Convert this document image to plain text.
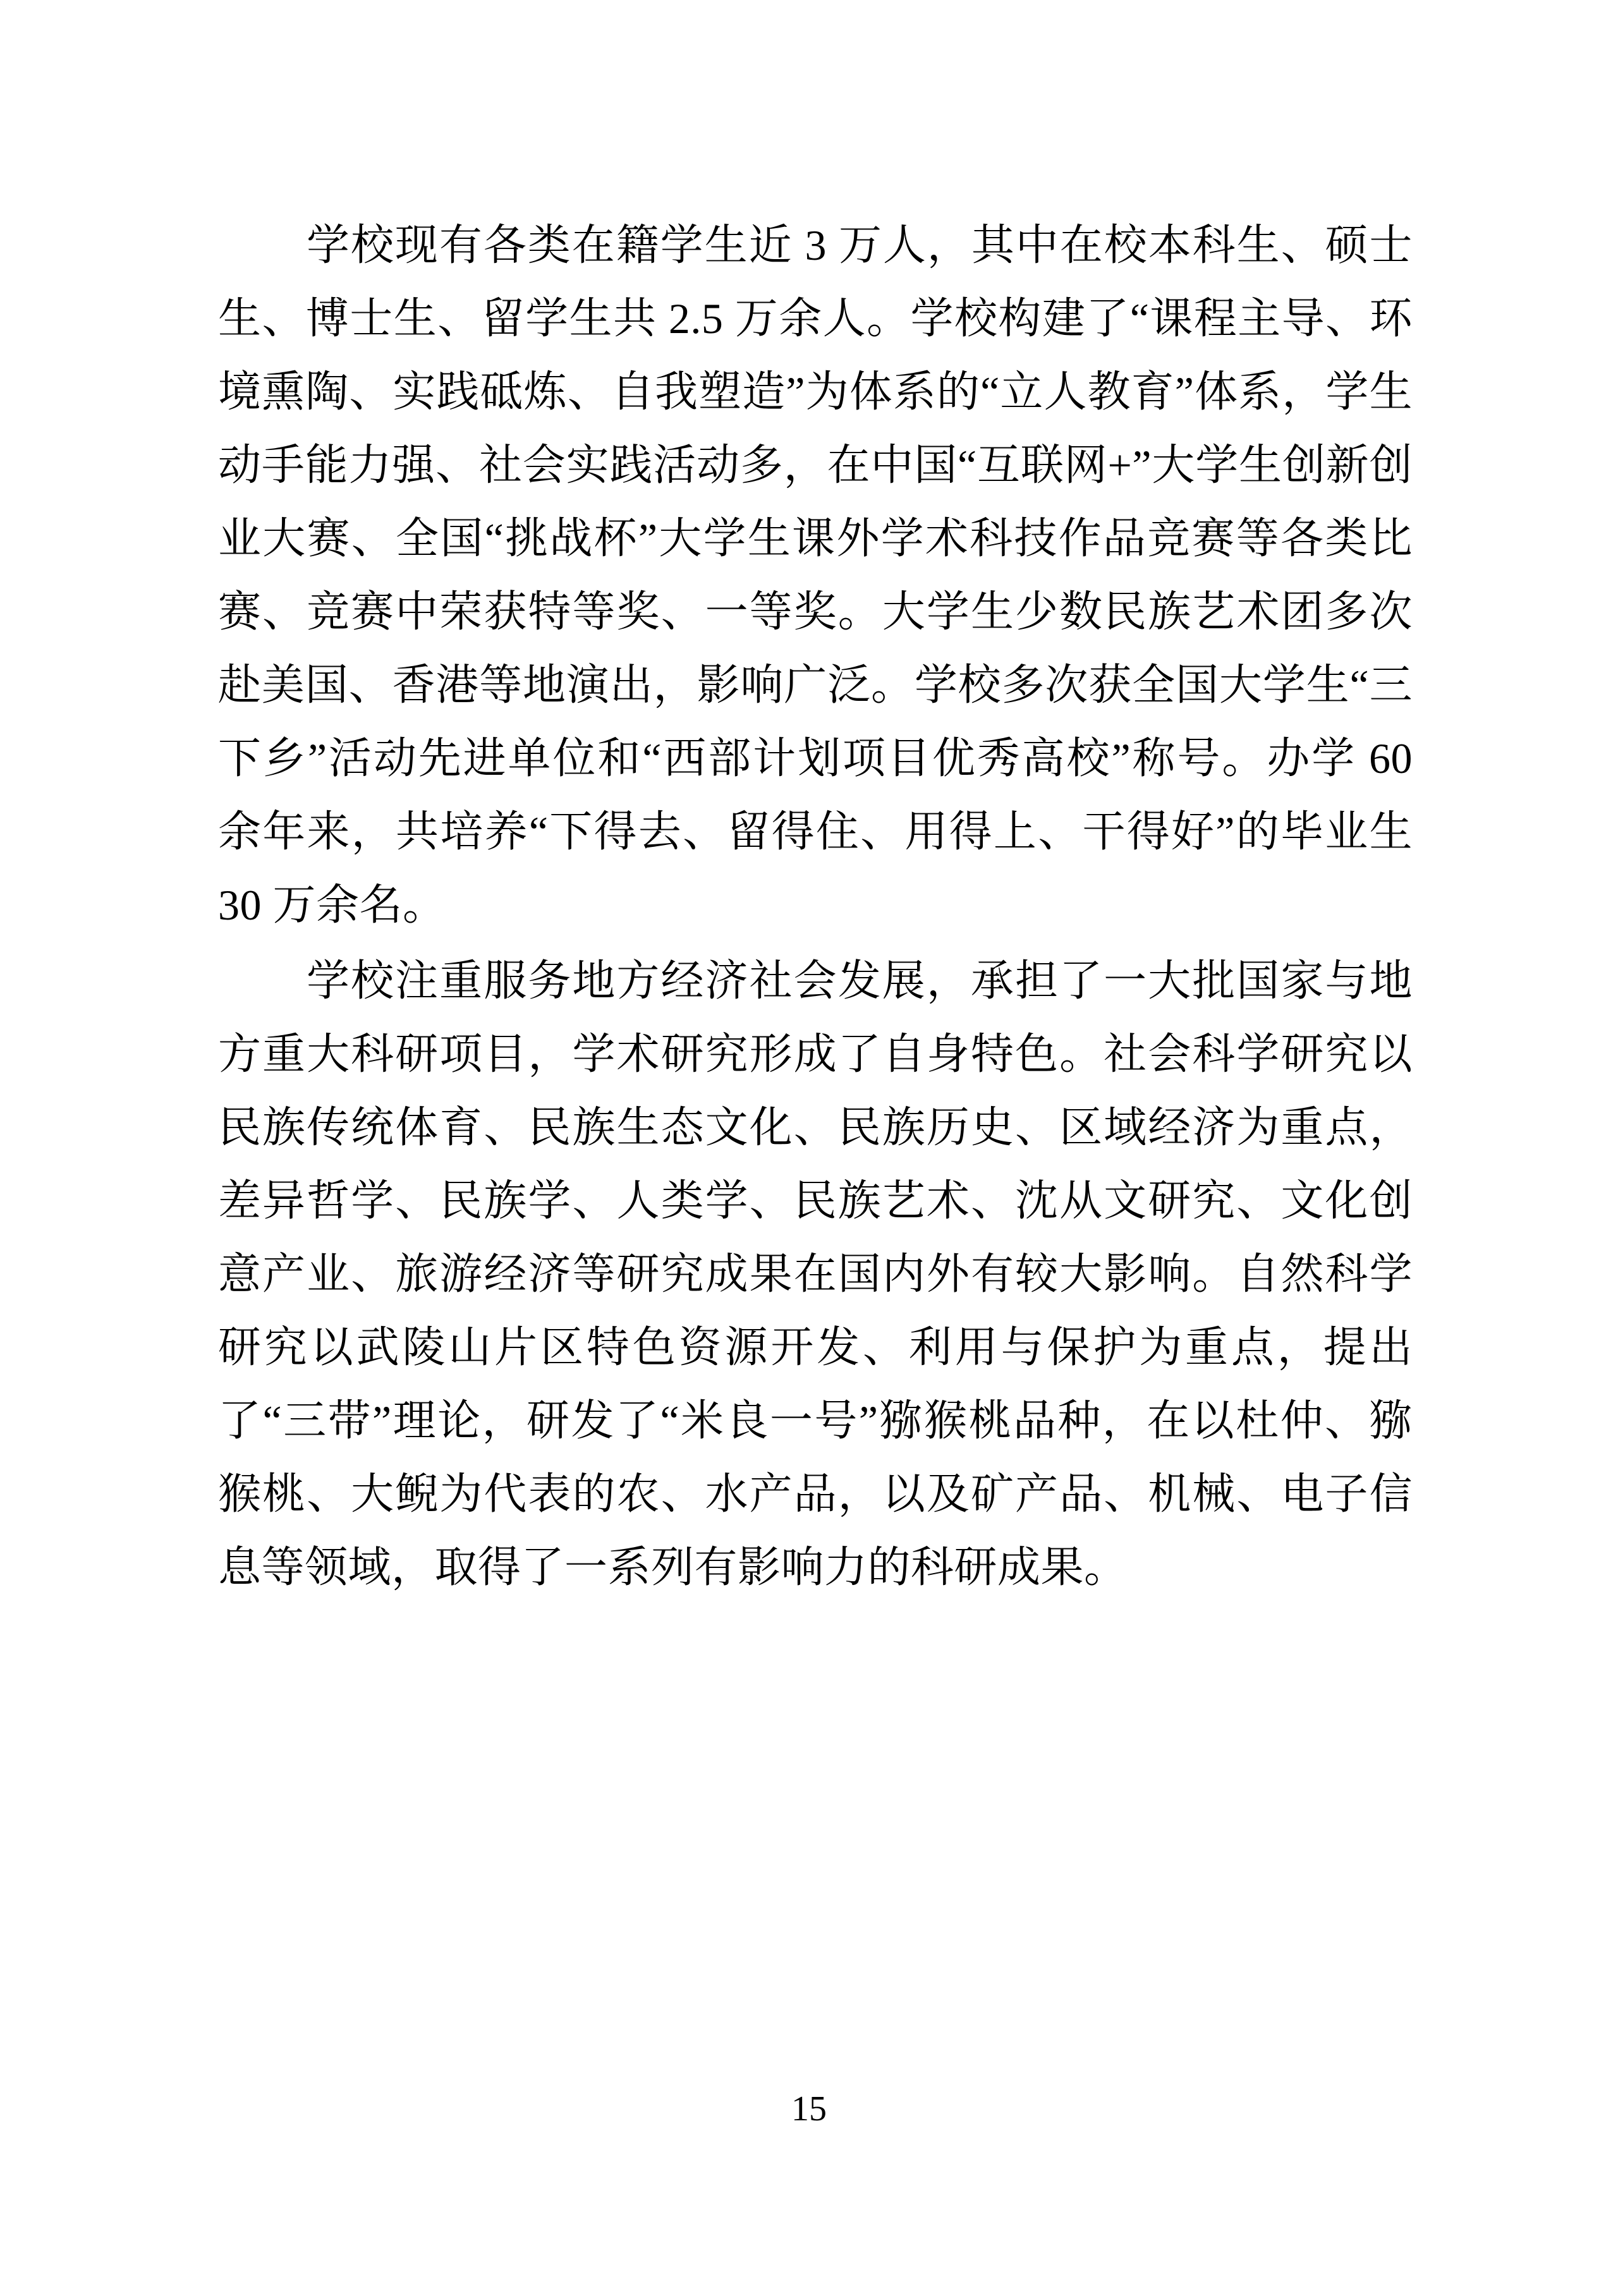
学校现有各类在籍学生近 3 万人，其中在校本科生、硕士生、博士生、留学生共 2.5 万余人。学校构建了“课程主导、环境熏陶、实践砥炼、自我塑造”为体系的“立人教育”体系，学生动手能力强、社会实践活动多，在中国“互联网+”大学生创新创业大赛、全国“挑战杯”大学生课外学术科技作品竞赛等各类比赛、竞赛中荣获特等奖、一等奖。大学生少数民族艺术团多次赴美国、香港等地演出，影响广泛。学校多次获全国大学生“三下乡”活动先进单位和“西部计划项目优秀高校”称号。办学 60 余年来，共培养“下得去、留得住、用得上、干得好”的毕业生 30 万余名。

学校注重服务地方经济社会发展，承担了一大批国家与地方重大科研项目，学术研究形成了自身特色。社会科学研究以民族传统体育、民族生态文化、民族历史、区域经济为重点，差异哲学、民族学、人类学、民族艺术、沈从文研究、文化创意产业、旅游经济等研究成果在国内外有较大影响。自然科学研究以武陵山片区特色资源开发、利用与保护为重点，提出了“三带”理论，研发了“米良一号”猕猴桃品种，在以杜仲、猕猴桃、大鲵为代表的农、水产品，以及矿产品、机械、电子信息等领域，取得了一系列有影响力的科研成果。

15
